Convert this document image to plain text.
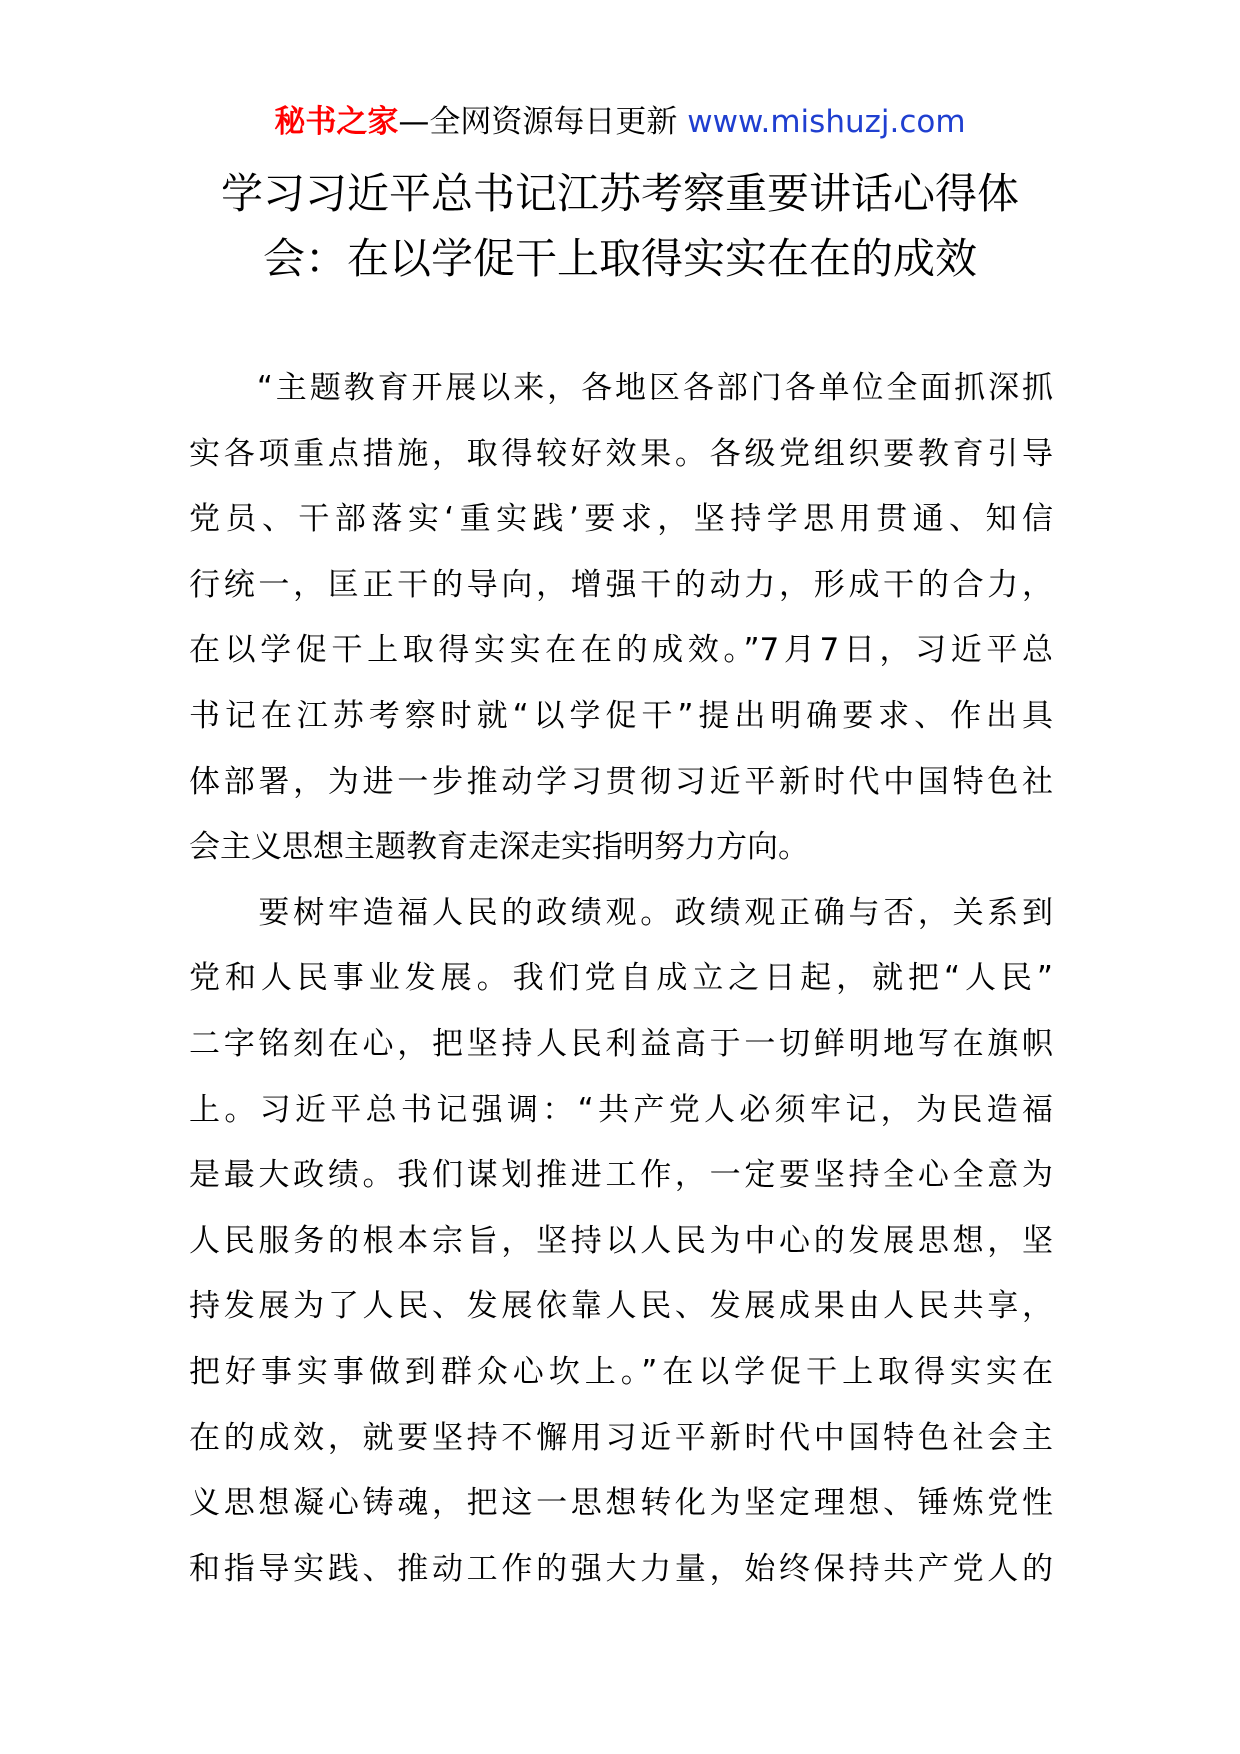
秘书之家—全网资源每日更新 www.mishuzj.com
学习习近平总书记江苏考察重要讲话心得体
会：在以学促干上取得实实在在的成效
　　“主题教育开展以来，各地区各部门各单位全面抓深抓
实各项重点措施，取得较好效果。各级党组织要教育引导
党员、干部落实‘重实践’要求，坚持学思用贯通、知信
行统一，匡正干的导向，增强干的动力，形成干的合力，
在以学促干上取得实实在在的成效。”7月7日，习近平总
书记在江苏考察时就“以学促干”提出明确要求、作出具
体部署，为进一步推动学习贯彻习近平新时代中国特色社
会主义思想主题教育走深走实指明努力方向。
　　要树牢造福人民的政绩观。政绩观正确与否，关系到
党和人民事业发展。我们党自成立之日起，就把“人民”
二字铭刻在心，把坚持人民利益高于一切鲜明地写在旗帜
上。习近平总书记强调：“共产党人必须牢记，为民造福
是最大政绩。我们谋划推进工作，一定要坚持全心全意为
人民服务的根本宗旨，坚持以人民为中心的发展思想，坚
持发展为了人民、发展依靠人民、发展成果由人民共享，
把好事实事做到群众心坎上。”在以学促干上取得实实在
在的成效，就要坚持不懈用习近平新时代中国特色社会主
义思想凝心铸魂，把这一思想转化为坚定理想、锤炼党性
和指导实践、推动工作的强大力量，始终保持共产党人的
